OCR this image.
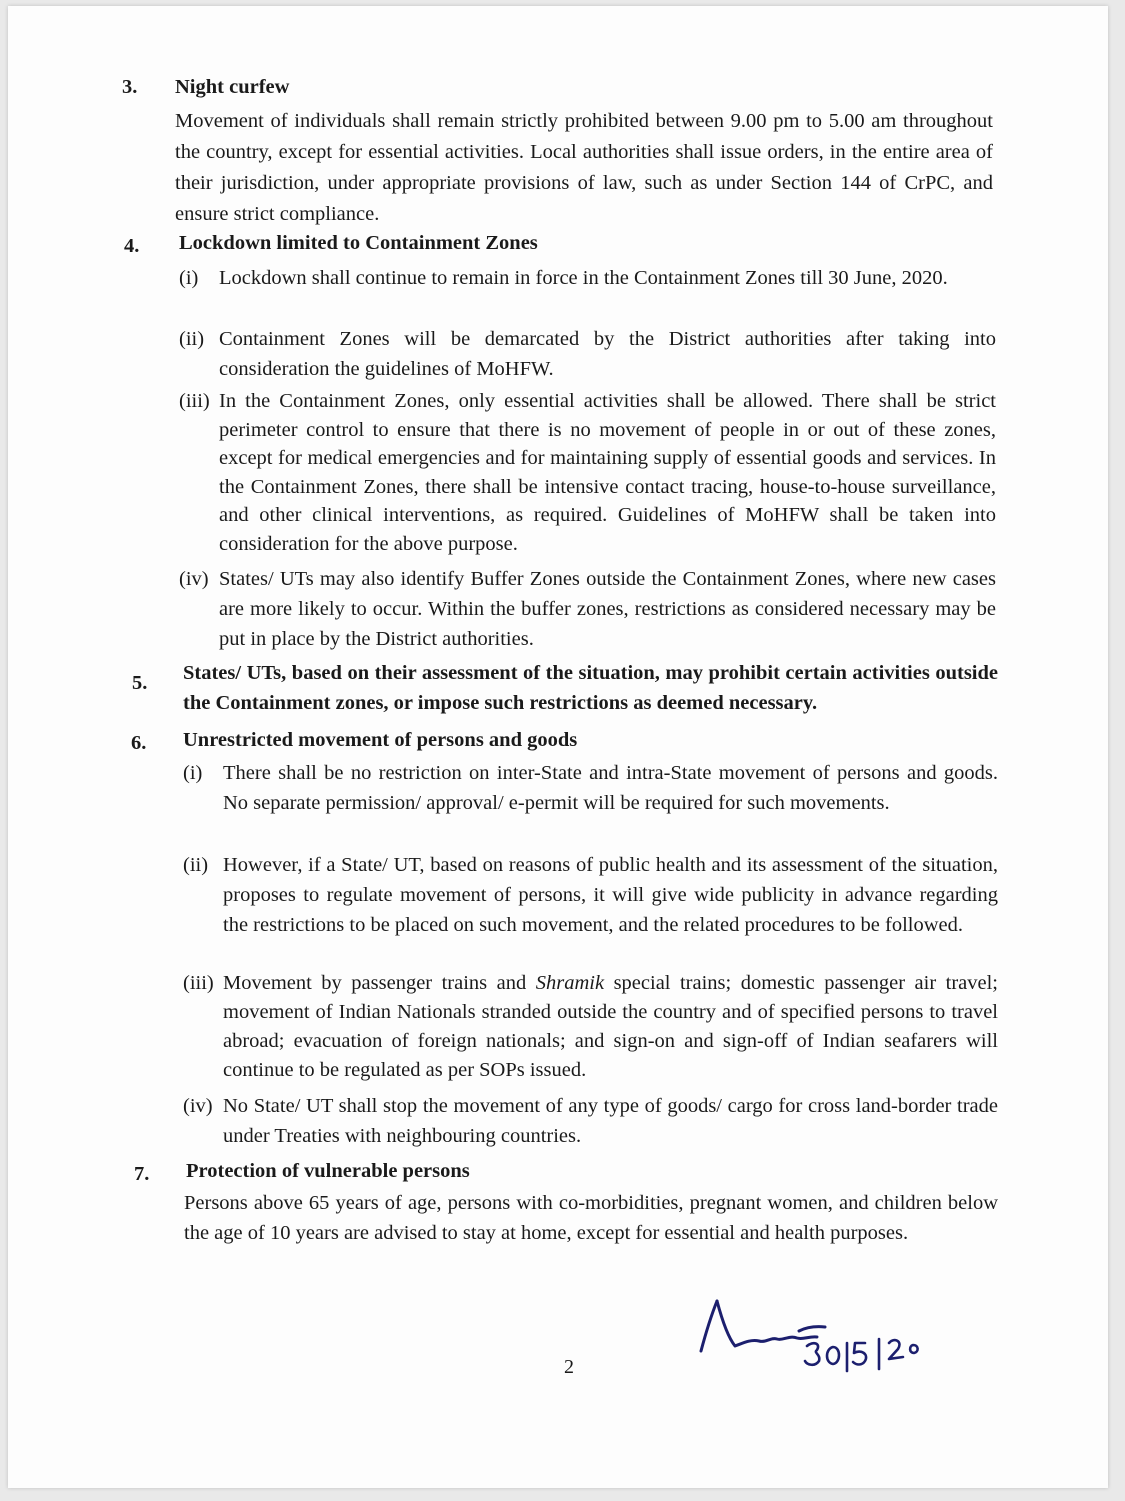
3. Night curfew
Movement of individuals shall remain strictly prohibited between 9.00 pm to 5.00 am throughout the country, except for essential activities. Local authorities shall issue orders, in the entire area of their jurisdiction, under appropriate provisions of law, such as under Section 144 of CrPC, and ensure strict compliance.
4. Lockdown limited to Containment Zones
(i) Lockdown shall continue to remain in force in the Containment Zones till 30 June, 2020.
(ii) Containment Zones will be demarcated by the District authorities after taking into consideration the guidelines of MoHFW.
(iii) In the Containment Zones, only essential activities shall be allowed. There shall be strict perimeter control to ensure that there is no movement of people in or out of these zones, except for medical emergencies and for maintaining supply of essential goods and services. In the Containment Zones, there shall be intensive contact tracing, house-to-house surveillance, and other clinical interventions, as required. Guidelines of MoHFW shall be taken into consideration for the above purpose.
(iv) States/ UTs may also identify Buffer Zones outside the Containment Zones, where new cases are more likely to occur. Within the buffer zones, restrictions as considered necessary may be put in place by the District authorities.
5. States/ UTs, based on their assessment of the situation, may prohibit certain activities outside the Containment zones, or impose such restrictions as deemed necessary.
6. Unrestricted movement of persons and goods
(i) There shall be no restriction on inter-State and intra-State movement of persons and goods. No separate permission/ approval/ e-permit will be required for such movements.
(ii) However, if a State/ UT, based on reasons of public health and its assessment of the situation, proposes to regulate movement of persons, it will give wide publicity in advance regarding the restrictions to be placed on such movement, and the related procedures to be followed.
(iii) Movement by passenger trains and Shramik special trains; domestic passenger air travel; movement of Indian Nationals stranded outside the country and of specified persons to travel abroad; evacuation of foreign nationals; and sign-on and sign-off of Indian seafarers will continue to be regulated as per SOPs issued.
(iv) No State/ UT shall stop the movement of any type of goods/ cargo for cross land-border trade under Treaties with neighbouring countries.
7. Protection of vulnerable persons
Persons above 65 years of age, persons with co-morbidities, pregnant women, and children below the age of 10 years are advised to stay at home, except for essential and health purposes.
2
